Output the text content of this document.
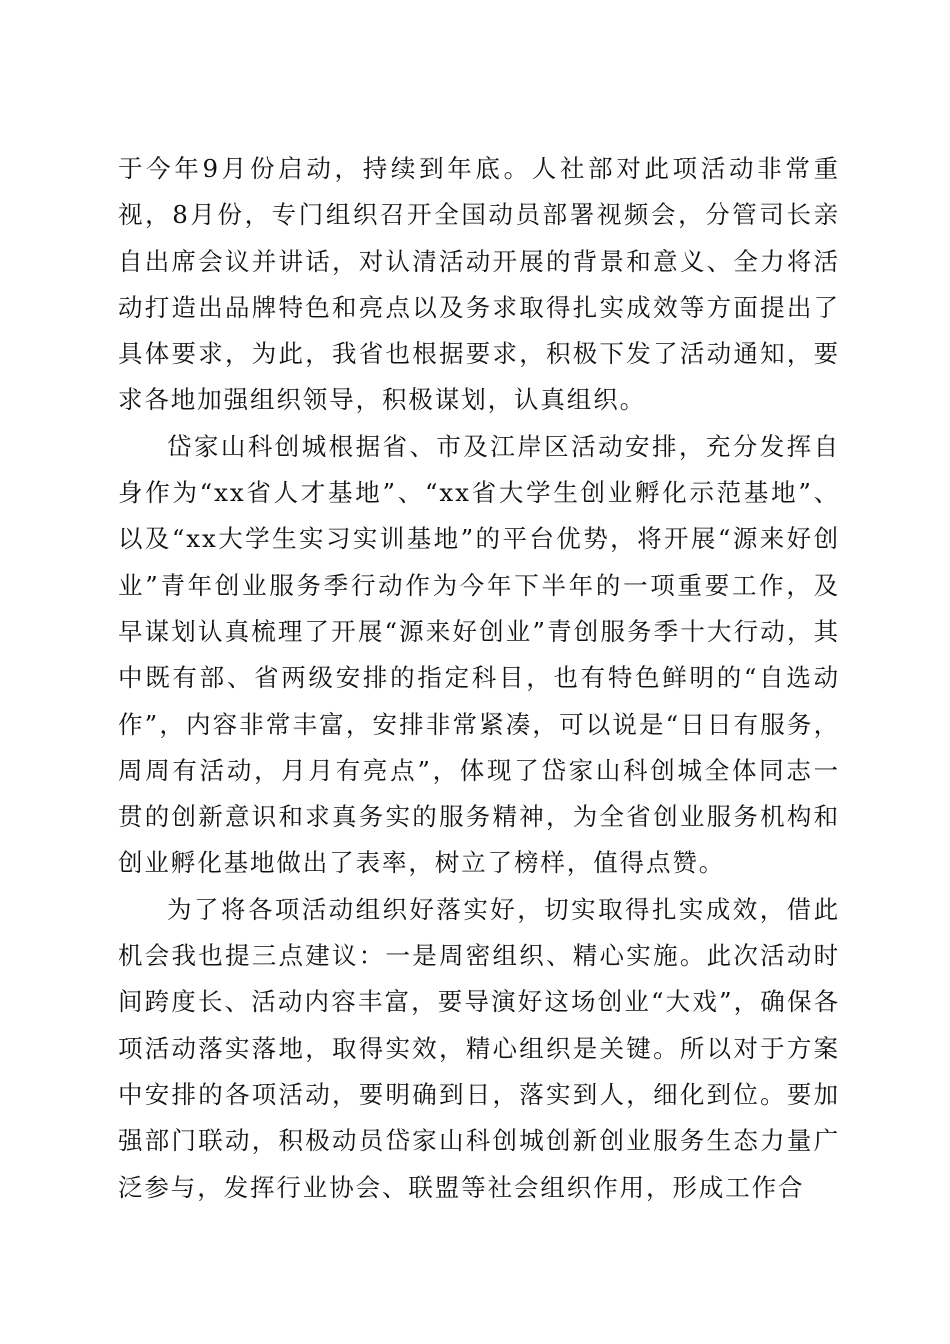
于今年9月份启动，持续到年底。人社部对此项活动非常重视，8月份，专门组织召开全国动员部署视频会，分管司长亲自出席会议并讲话，对认清活动开展的背景和意义、全力将活动打造出品牌特色和亮点以及务求取得扎实成效等方面提出了具体要求，为此，我省也根据要求，积极下发了活动通知，要求各地加强组织领导，积极谋划，认真组织。

岱家山科创城根据省、市及江岸区活动安排，充分发挥自身作为“xx省人才基地”、“xx省大学生创业孵化示范基地”、以及“xx大学生实习实训基地”的平台优势，将开展“源来好创业”青年创业服务季行动作为今年下半年的一项重要工作，及早谋划认真梳理了开展“源来好创业”青创服务季十大行动，其中既有部、省两级安排的指定科目，也有特色鲜明的“自选动作”，内容非常丰富，安排非常紧凑，可以说是“日日有服务，周周有活动，月月有亮点”，体现了岱家山科创城全体同志一贯的创新意识和求真务实的服务精神，为全省创业服务机构和创业孵化基地做出了表率，树立了榜样，值得点赞。

为了将各项活动组织好落实好，切实取得扎实成效，借此机会我也提三点建议：一是周密组织、精心实施。此次活动时间跨度长、活动内容丰富，要导演好这场创业“大戏”，确保各项活动落实落地，取得实效，精心组织是关键。所以对于方案中安排的各项活动，要明确到日，落实到人，细化到位。要加强部门联动，积极动员岱家山科创城创新创业服务生态力量广泛参与，发挥行业协会、联盟等社会组织作用，形成工作合
